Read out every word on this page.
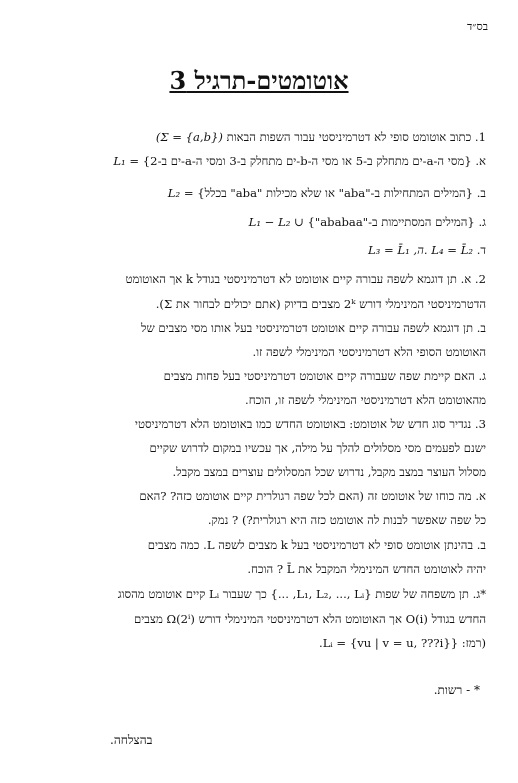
בס״ד
אוטומטים-תרגיל 3
1. כתוב אוטומט סופי לא דטרמיניסטי עבור השפות הבאות (Σ = {a,b})
א. {מסי ה-a-ים מתחלק ב-5 או מסי ה-b-ים מתחלק ב-3 ומסי ה-a-ים ב-2} L₁ =
ב. {המילים המתחילות ב-"aba" או שלא מכילות "aba" בכלל} L₂ =
ג. {המילים המסתיימות ב-"ababaa"} L₁ − L₂ ∪
ד. L₃ = L̄₁ ,ה. L₄ = L̄₂
2. א. תן דוגמא לשפה עבורה קיים אוטומט לא דטרמיניסטי בגודל k אך האוטומט
הדטרמיניסטי המינימלי דורש 2ᵏ מצבים בדיוק (אתם יכולים לבחור את Σ).
ב. תן דוגמא לשפה עבורה קיים אוטומט דטרמיניסטי בעל אותו מסי מצבים של
האוטומט הסופי הלא דטרמיניסטי המינימלי לשפה זו.
ג. האם קיימת שפה שעבורה קיים אוטומט דטרמיניסטי בעל פחות מצבים
מהאוטומט הלא דטרמיניסטי המינימלי לשפה זו, הוכח.
3. נגדיר סוג חדש של אוטומט: באוטומט החדש כמו באוטומט הלא דטרמיניסטי
ישנם לפעמים מסי מסלולים להלך על מילה, אך עכשיו במקום לדרוש שקיים
מסלול העוצר במצב מקבל, נדרוש שכל המסלולים עוצרים במצב מקבל.
א. מה כוחו של אוטומט זה (האם לכל שפה רגולרית קיים אוטומט כזה? ?האם
כל שפה שאפשר לבנות לה אוטומט כזה היא רגולרית?) ? נמק.
ב. בהינתן אוטומט סופי לא דטרמיניסטי בעל k מצבים לשפה L. כמה מצבים
יהיה לאוטומט החדש המינימלי המקבל את L̄ ? הוכח.
*ג. תן משפחה של שפות {L₁, L₂, ..., Lᵢ, ...} כך שעבור Lᵢ קיים אוטומט מהסוג
החדש בגודל O(i) אך האוטומט הלא דטרמיניסטי המינימלי דורש Ω(2ⁱ) מצבים
(רמז: {Lᵢ = {vu | v = u, ???i}.
* - רשות.
בהצלחה.
